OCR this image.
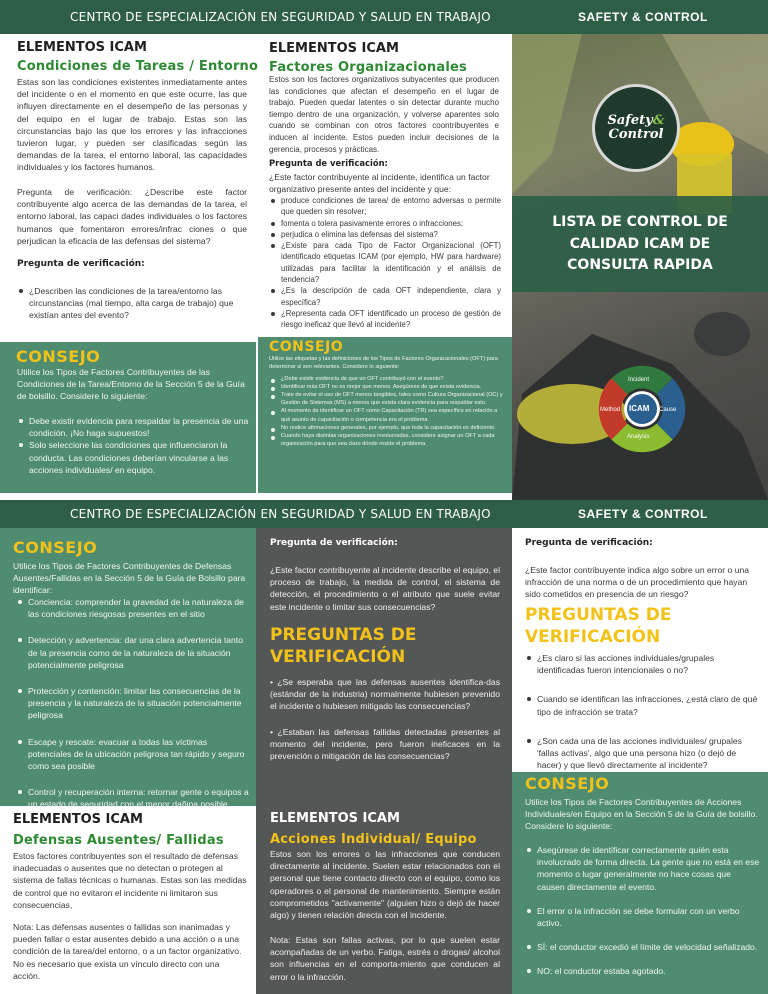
CENTRO DE ESPECIALIZACIÓN EN SEGURIDAD Y SALUD EN TRABAJO	SAFETY & CONTROL
ELEMENTOS ICAM
Condiciones de Tareas / Entorno
Estas son las condiciones existentes inmediatamente antes del incidente o en el momento en que este ocurre, las que influyen directamente en el desempeño de las personas y del equipo en el lugar de trabajo. Estas son las circunstancias bajo las que los errores y las infracciones tuvieron lugar, y pueden ser clasificadas según las demandas de la tarea, el entorno laboral, las capacidades individuales y los factores humanos.
Pregunta de verificación: ¿Describe este factor contribuyente algo acerca de las demandas de la tarea, el entorno laboral, las capaci dades individuales o los factores humanos que fomentaron errores/infrac ciones o que perjudican la eficacia de las defensas del sistema?
Pregunta de verificación:
¿Describen las condiciones de la tarea/entorno las circunstancias (mal tiempo, alta carga de trabajo) que existían antes del evento?
CONSEJO
Utilice los Tipos de Factores Contribuyentes de las Condiciones de la Tarea/Entorno de la Sección 5 de la Guía de bolsillo. Considere lo siguiente:
Debe existir evidencia para respaldar la presencia de una condición. ¡No haga supuestos!
Solo seleccione las condiciones que influenciaron la conducta. Las condiciones deberían vincularse a las acciones individuales/ en equipo.
ELEMENTOS ICAM
Factores Organizacionales
Estos son los factores organizativos subyacentes que producen las condiciones que afectan el desempeño en el lugar de trabajo. Pueden quedar latentes o sin detectar durante mucho tiempo dentro de una organización, y volverse aparentes solo cuando se combinan con otros factores coontribuyentes e inducen al incidente. Estos pueden incluir decisiones de la gerencia, procesos y prácticas.
Pregunta de verificación:
¿Este factor contribuyente al incidente, identifica un factor organizativo presente antes del incidente y que:
produce condiciones de tarea/ de entorno adversas o permite que queden sin resolver;
fomenta o tolera pasivamente errores o infracciones;
perjudica o elimina las defensas del sistema?
¿Existe para cada Tipo de Factor Organizacional (OFT) identificado etiquetas ICAM (por ejemplo, HW para hardware) utilizadas para facilitar la identificación y el análisis de tendencia?
¿Es la descripción de cada OFT independiente, clara y específica?
¿Representa cada OFT identificado un proceso de gestión de riesgo ineficaz que llevó al incidente?
CONSEJO
Utilice las etiquetas y las definiciones de los Tipos de Factores Organizacionales (OFT) para determinar si son relevantes. Considere lo siguiente:
¿Debe existir evidencia de que un OFT contribuyó con el evento?
Identificar más OFT no es mejor que menos. Asegúrese de que exista evidencia.
Trate de evitar el uso de OFT menos tangibles, tales como Cultura Organizacional (OC) y Gestión de Sistemas (MS) a menos que exista clara evidencia para respaldar esto.
Al momento de identificar un OFT como Capacitación (TR) sea específico en relación a qué asunto de capacitación o competencia era el problema.
No realice afirmaciones generales, por ejemplo, que toda la capacitación es deficiente.
Cuando haya distintas organizaciones involucradas, considere asignar un OFT a cada organización para que sea claro dónde reside el problema.
Safety&
Control
LISTA DE CONTROL DE CALIDAD ICAM DE CONSULTA RAPIDA
ICAM
Incident
Method	Cause
Analysis
CENTRO DE ESPECIALIZACIÓN EN SEGURIDAD Y SALUD EN TRABAJO	SAFETY & CONTROL
CONSEJO
Utilice los Tipos de Factores Contribuyentes de Defensas Ausentes/Fallidas en la Sección 5 de la Guía de Bolsillo para identificar:
Conciencia: comprender la gravedad de la naturaleza de las condiciones riesgosas presentes en el sitio
Detección y advertencia: dar una clara advertencia tanto de la presencia como de la naturaleza de la situación potencialmente peligrosa
Protección y contención: limitar las consecuencias de la presencia y la naturaleza de la situación potencialmente peligrosa
Escape y rescate: evacuar a todas las víctimas potenciales de la ubicación peligrosa tan rápido y seguro como sea posible
Control y recuperación interna: retornar gente o equipos a un estado de seguridad con el menor dañina posible.
ELEMENTOS ICAM
Defensas Ausentes/ Fallidas
Estos factores contribuyentes son el resultado de defensas inadecuadas o ausentes que no detectan o protegen al sistema de fallas técnicas o humanas. Estas son las medidas de control que no evitaron el incidente ni limitaron sus consecuencias,
Nota: Las defensas ausentes o fallidas son inanimadas y pueden fallar o estar ausentes debido a una acción o a una condición de la tarea/del entorno, o a un factor organizativo. No es necesario que exista un vínculo directo con una acción.
Pregunta de verificación:
¿Este factor contribuyente al incidente describe el equipo, el proceso de trabajo, la medida de control, el sistema de detección, el procedimiento o el atributo que suele evitar este incidente o limitar sus consecuencias?
PREGUNTAS DE VERIFICACIÓN
• ¿Se esperaba que las defensas ausentes identifica-das (estándar de la industria) normalmente hubiesen prevenido el incidente o hubiesen mitigado las consecuencias?
• ¿Estaban las defensas fallidas detectadas presentes al momento del incidente, pero fueron ineficaces en la prevención o mitigación de las consecuencias?
ELEMENTOS ICAM
Acciones Individual/ Equipo
Estos son los errores o las infracciones que conducen directamente al incidente. Suelen estar relacionados con el personal que tiene contacto directo con el equipo, como los operadores o el personal de mantenimiento. Siempre están comprometidos "activamente" (alguien hizo o dejó de hacer algo) y tienen relación directa con el incidente.
Nota: Estas son fallas activas, por lo que suelen estar acompañadas de un verbo. Fatiga, estrés o drogas/ alcohol son influencias en el comporta-miento que conducen al error o la infracción.
Pregunta de verificación:
¿Este factor contribuyente indica algo sobre un error o una infracción de una norma o de un procedimiento que hayan sido cometidos en presencia de un riesgo?
PREGUNTAS DE VERIFICACIÓN
¿Es claro si las acciones individuales/grupales identificadas fueron intencionales o no?
Cuando se identifican las infracciones, ¿está claro de qué tipo de infracción se trata?
¿Son cada una de las acciones individuales/ grupales 'fallas activas', algo que una persona hizo (o dejó de hacer) y que llevó directamente al incidente?
CONSEJO
Utilice los Tipos de Factores Contribuyentes de Acciones Individuales/en Equipo en la Sección 5 de la Guía de bolsillo. Considere lo siguiente:
Asegúrese de identificar correctamente quién esta involucrado de forma directa. La gente que no está en ese momento o lugar generalmente no hace cosas que causen directamente el evento.
El error o la infracción se debe formular con un verbo activo.
SÍ: el conductor excedió el límite de velocidad señalizado.
NO: el conductor estaba agotado.
